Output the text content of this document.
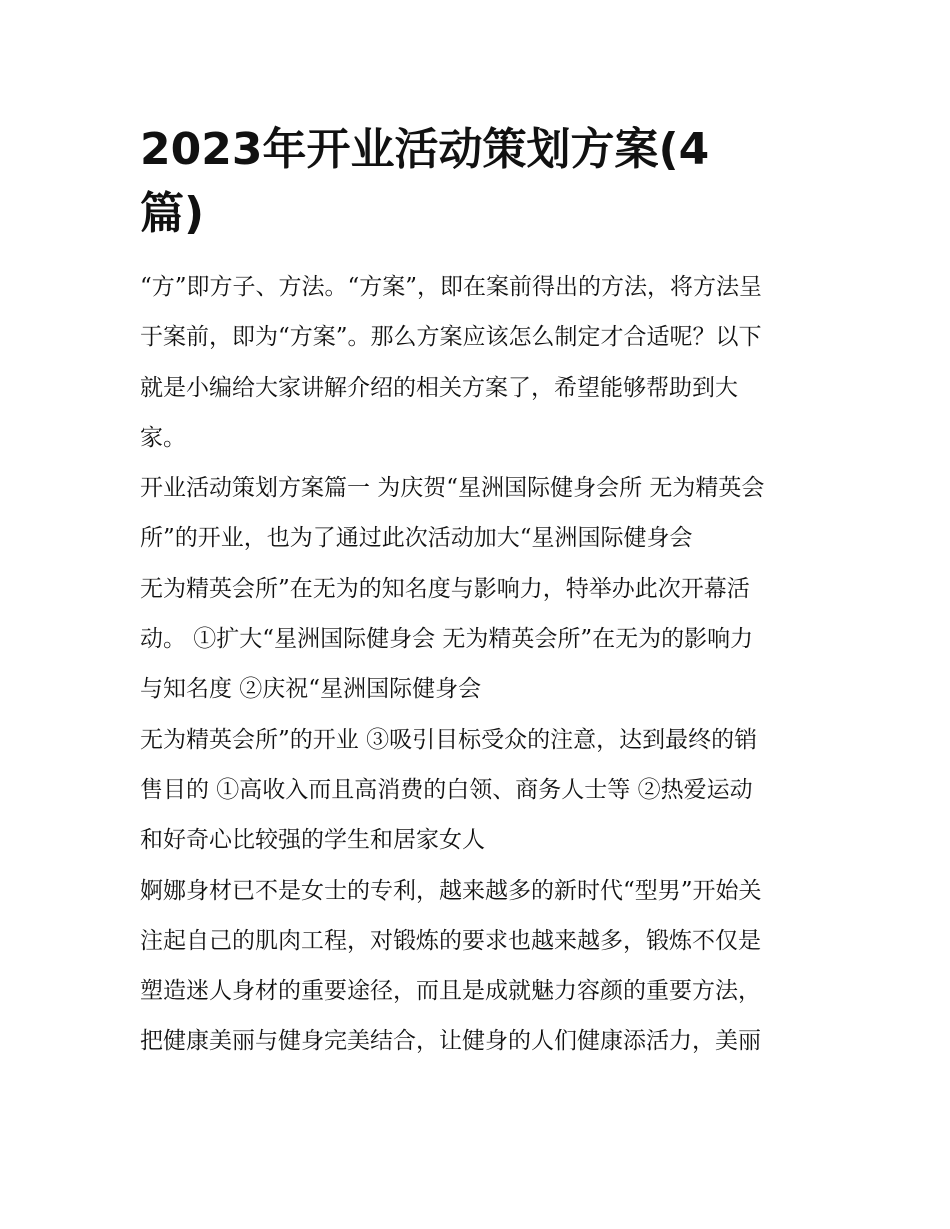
2023年开业活动策划方案(4
篇)
“方”即方子、方法。“方案”，即在案前得出的方法，将方法呈
于案前，即为“方案”。那么方案应该怎么制定才合适呢？以下
就是小编给大家讲解介绍的相关方案了，希望能够帮助到大
家。
开业活动策划方案篇一 为庆贺“星洲国际健身会所 无为精英会
所”的开业，也为了通过此次活动加大“星洲国际健身会
无为精英会所”在无为的知名度与影响力，特举办此次开幕活
动。 ①扩大“星洲国际健身会 无为精英会所”在无为的影响力
与知名度 ②庆祝“星洲国际健身会
无为精英会所”的开业 ③吸引目标受众的注意，达到最终的销
售目的 ①高收入而且高消费的白领、商务人士等 ②热爱运动
和好奇心比较强的学生和居家女人
婀娜身材已不是女士的专利，越来越多的新时代“型男”开始关
注起自己的肌肉工程，对锻炼的要求也越来越多，锻炼不仅是
塑造迷人身材的重要途径，而且是成就魅力容颜的重要方法，
把健康美丽与健身完美结合，让健身的人们健康添活力，美丽
